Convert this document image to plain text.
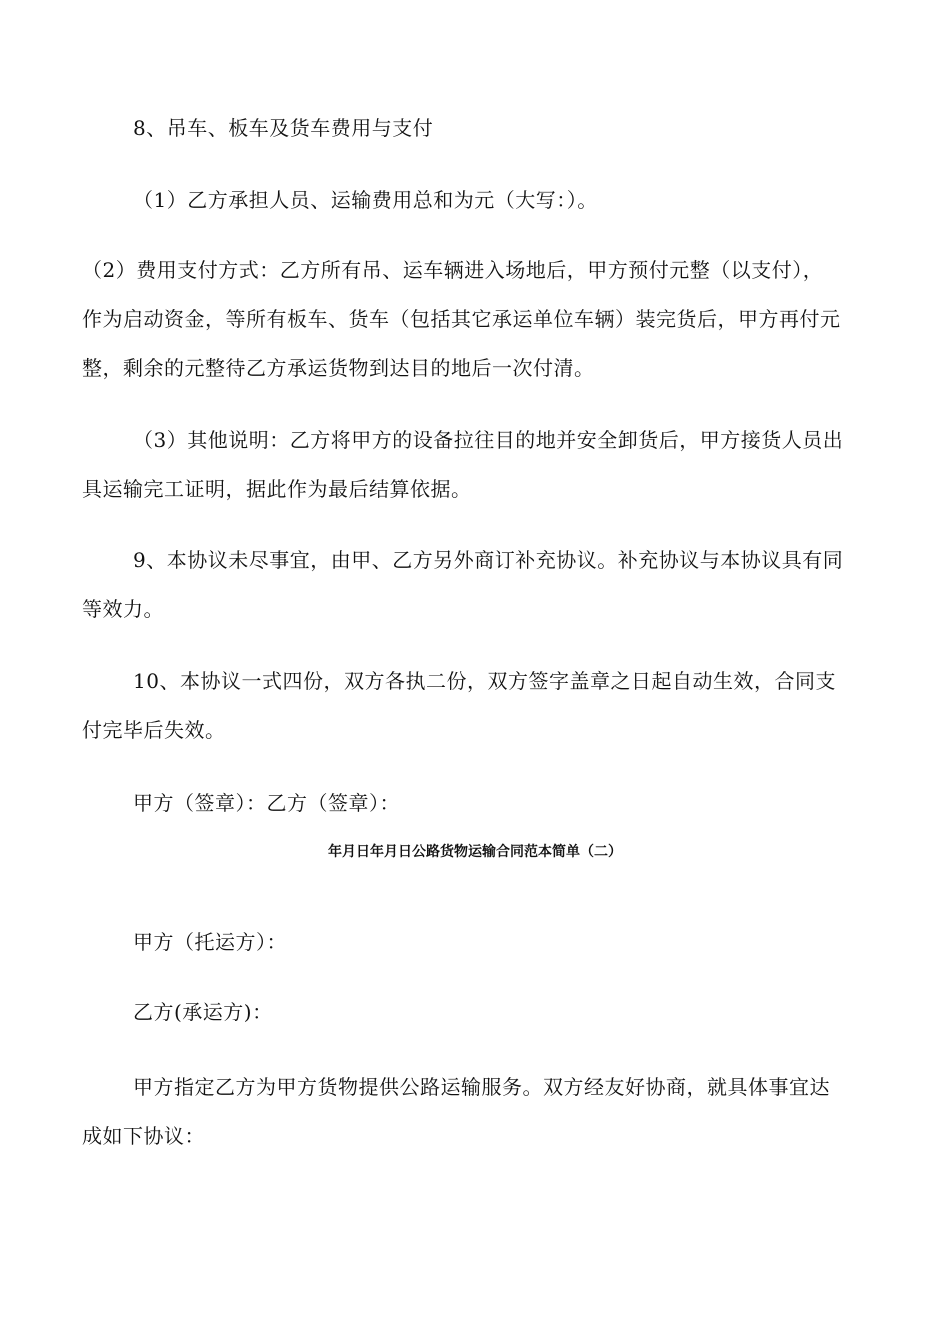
8、吊车、板车及货车费用与支付
（1）乙方承担人员、运输费用总和为元（大写：）。
（2）费用支付方式：乙方所有吊、运车辆进入场地后，甲方预付元整（以支付），
作为启动资金，等所有板车、货车（包括其它承运单位车辆）装完货后，甲方再付元
整，剩余的元整待乙方承运货物到达目的地后一次付清。
（3）其他说明：乙方将甲方的设备拉往目的地并安全卸货后，甲方接货人员出
具运输完工证明，据此作为最后结算依据。
9、本协议未尽事宜，由甲、乙方另外商订补充协议。补充协议与本协议具有同
等效力。
10、本协议一式四份，双方各执二份，双方签字盖章之日起自动生效，合同支
付完毕后失效。
甲方（签章）：乙方（签章）：
年月日年月日公路货物运输合同范本简单（二）
甲方（托运方）：
乙方(承运方)：
甲方指定乙方为甲方货物提供公路运输服务。双方经友好协商，就具体事宜达
成如下协议：
